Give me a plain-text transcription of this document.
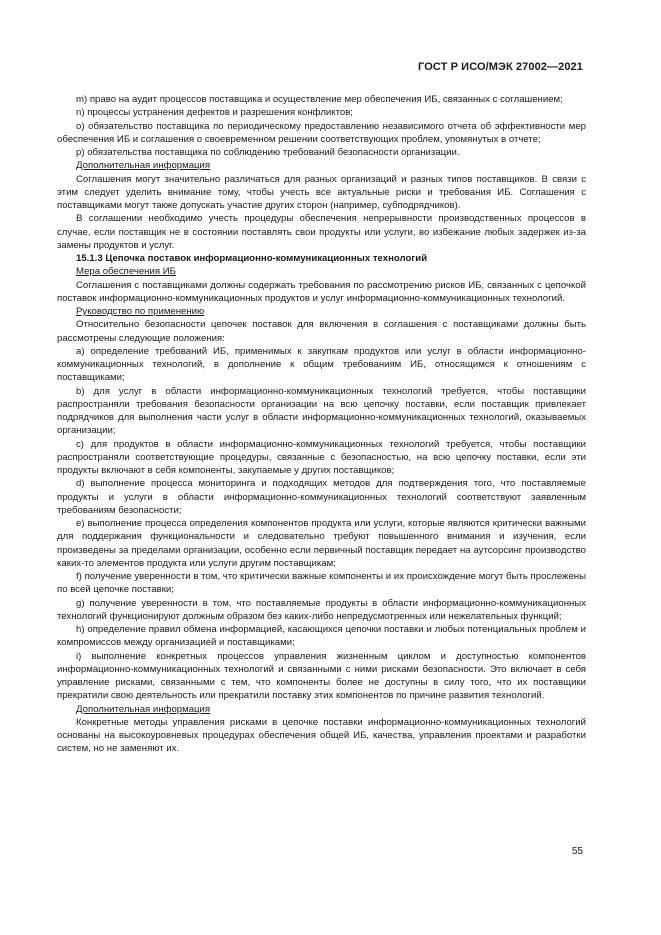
ГОСТ Р ИСО/МЭК 27002—2021

m) право на аудит процессов поставщика и осуществление мер обеспечения ИБ, связанных с соглашением;

n) процессы устранения дефектов и разрешения конфликтов;

о) обязательство поставщика по периодическому предоставлению независимого отчета об эффективности мер обеспечения ИБ и соглашения о своевременном решении соответствующих проблем, упомянутых в отчете;

p) обязательства поставщика по соблюдению требований безопасности организации.

Дополнительная информация

Соглашения могут значительно различаться для разных организаций и разных типов поставщиков. В связи с этим следует уделить внимание тому, чтобы учесть все актуальные риски и требования ИБ. Соглашения с поставщиками могут также допускать участие других сторон (например, субподрядчиков).

В соглашении необходимо учесть процедуры обеспечения непрерывности производственных процессов в случае, если поставщик не в состоянии поставлять свои продукты или услуги, во избежание любых задержек из-за замены продуктов и услуг.

15.1.3 Цепочка поставок информационно-коммуникационных технологий

Мера обеспечения ИБ

Соглашения с поставщиками должны содержать требования по рассмотрению рисков ИБ, связанных с цепочкой поставок информационно-коммуникационных продуктов и услуг информационно-коммуникационных технологий.

Руководство по применению

Относительно безопасности цепочек поставок для включения в соглашения с поставщиками должны быть рассмотрены следующие положения:

а) определение требований ИБ, применимых к закупкам продуктов или услуг в области информационно-коммуникационных технологий, в дополнение к общим требованиям ИБ, относящимся к отношениям с поставщиками;

b) для услуг в области информационно-коммуникационных технологий требуется, чтобы поставщики распространяли требования безопасности организации на всю цепочку поставки, если поставщик привлекает подрядчиков для выполнения части услуг в области информационно-коммуникационных технологий, оказываемых организации;

c) для продуктов в области информационно-коммуникационных технологий требуется, чтобы поставщики распространяли соответствующие процедуры, связанные с безопасностью, на всю цепочку поставки, если эти продукты включают в себя компоненты, закупаемые у других поставщиков;

d) выполнение процесса мониторинга и подходящих методов для подтверждения того, что поставляемые продукты и услуги в области информационно-коммуникационных технологий соответствуют заявленным требованиям безопасности;

e) выполнение процесса определения компонентов продукта или услуги, которые являются критически важными для поддержания функциональности и следовательно требуют повышенного внимания и изучения, если произведены за пределами организации, особенно если первичный поставщик передает на аутсорсинг производство каких-то элементов продукта или услуги другим поставщикам;

f) получение уверенности в том, что критически важные компоненты и их происхождение могут быть прослежены по всей цепочке поставки;

g) получение уверенности в том, что поставляемые продукты в области информационно-коммуникационных технологий функционируют должным образом без каких-либо непредусмотренных или нежелательных функций;

h) определение правил обмена информацией, касающихся цепочки поставки и любых потенциальных проблем и компромиссов между организацией и поставщиками;

i) выполнение конкретных процессов управления жизненным циклом и доступностью компонентов информационно-коммуникационных технологий и связанными с ними рисками безопасности. Это включает в себя управление рисками, связанными с тем, что компоненты более не доступны в силу того, что их поставщики прекратили свою деятельность или прекратили поставку этих компонентов по причине развития технологий.

Дополнительная информация

Конкретные методы управления рисками в цепочке поставки информационно-коммуникационных технологий основаны на высокоуровневых процедурах обеспечения общей ИБ, качества, управления проектами и разработки систем, но не заменяют их.

55
